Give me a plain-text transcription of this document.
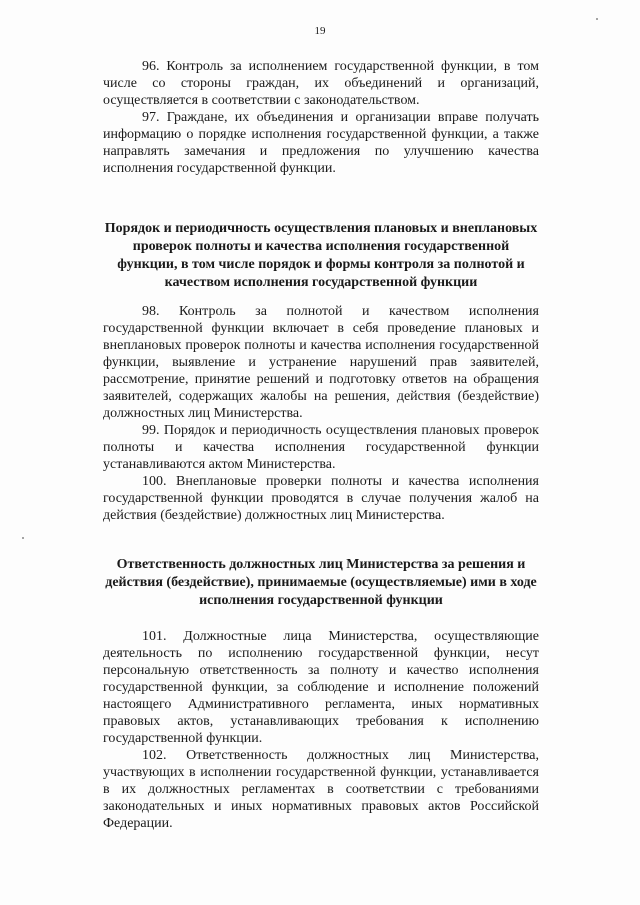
19

96. Контроль за исполнением государственной функции, в том числе со стороны граждан, их объединений и организаций, осуществляется в соответствии с законодательством.

97. Граждане, их объединения и организации вправе получать информацию о порядке исполнения государственной функции, а также направлять замечания и предложения по улучшению качества исполнения государственной функции.

Порядок и периодичность осуществления плановых и внеплановых проверок полноты и качества исполнения государственной функции, в том числе порядок и формы контроля за полнотой и качеством исполнения государственной функции

98. Контроль за полнотой и качеством исполнения государственной функции включает в себя проведение плановых и внеплановых проверок полноты и качества исполнения государственной функции, выявление и устранение нарушений прав заявителей, рассмотрение, принятие решений и подготовку ответов на обращения заявителей, содержащих жалобы на решения, действия (бездействие) должностных лиц Министерства.

99. Порядок и периодичность осуществления плановых проверок полноты и качества исполнения государственной функции устанавливаются актом Министерства.

100. Внеплановые проверки полноты и качества исполнения государственной функции проводятся в случае получения жалоб на действия (бездействие) должностных лиц Министерства.

Ответственность должностных лиц Министерства за решения и действия (бездействие), принимаемые (осуществляемые) ими в ходе исполнения государственной функции

101. Должностные лица Министерства, осуществляющие деятельность по исполнению государственной функции, несут персональную ответственность за полноту и качество исполнения государственной функции, за соблюдение и исполнение положений настоящего Административного регламента, иных нормативных правовых актов, устанавливающих требования к исполнению государственной функции.

102. Ответственность должностных лиц Министерства, участвующих в исполнении государственной функции, устанавливается в их должностных регламентах в соответствии с требованиями законодательных и иных нормативных правовых актов Российской Федерации.
